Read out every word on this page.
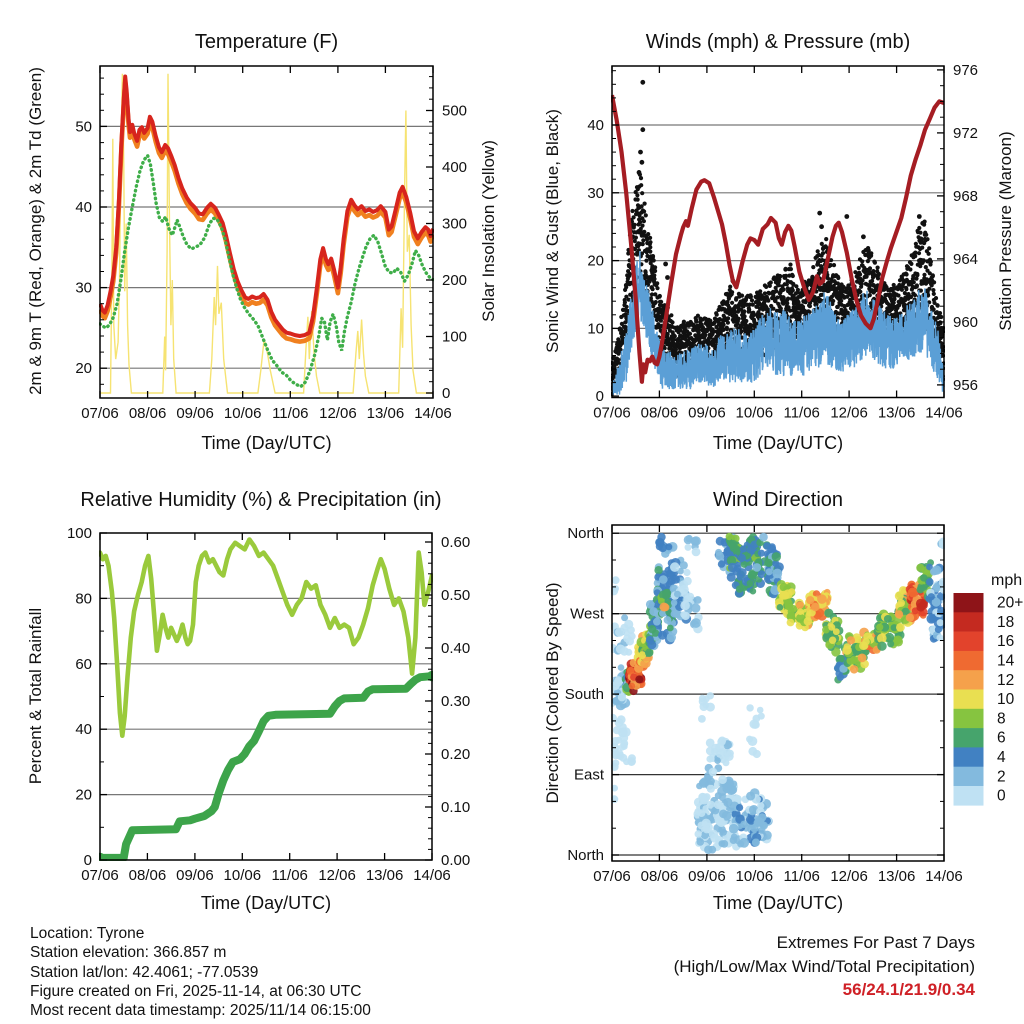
07/06 08/06 09/06 10/06 11/06 12/06 13/06 14/06
20
30
40
50
0
100
200
300
400
500
07/06 08/06 09/06 10/06 11/06 12/06 13/06 14/06
0
10
20
30
40
956
960
964
968
972
976
07/06 08/06 09/06 10/06 11/06 12/06 13/06 14/06
0
20
40
60
80
100
0.00
0.10
0.20
0.30
0.40
0.50
0.60
07/06 08/06 09/06 10/06 11/06 12/06 13/06 14/06
North
East
South
West
North
20+
18
16
14
12
10
8
6
4
2
0
Temperature (F)	Winds (mph) & Pressure (mb)
Relative Humidity (%) & Precipitation (in)	Wind Direction
Time (Day/UTC)	Time (Day/UTC)
Time (Day/UTC)	Time (Day/UTC)
2m & 9m T (Red, Orange) & 2m Td (Green)	Solar Insolation (Yellow)	Sonic Wind & Gust (Blue, Black)	Station Pressure (Maroon)
Percent & Total Rainfall	Direction (Colored By Speed)
mph
Location: Tyrone
Station elevation: 366.857 m
Station lat/lon: 42.4061; -77.0539
Figure created on Fri, 2025-11-14, at 06:30 UTC
Most recent data timestamp: 2025/11/14 06:15:00
Extremes For Past 7 Days
(High/Low/Max Wind/Total Precipitation)
56/24.1/21.9/0.34
